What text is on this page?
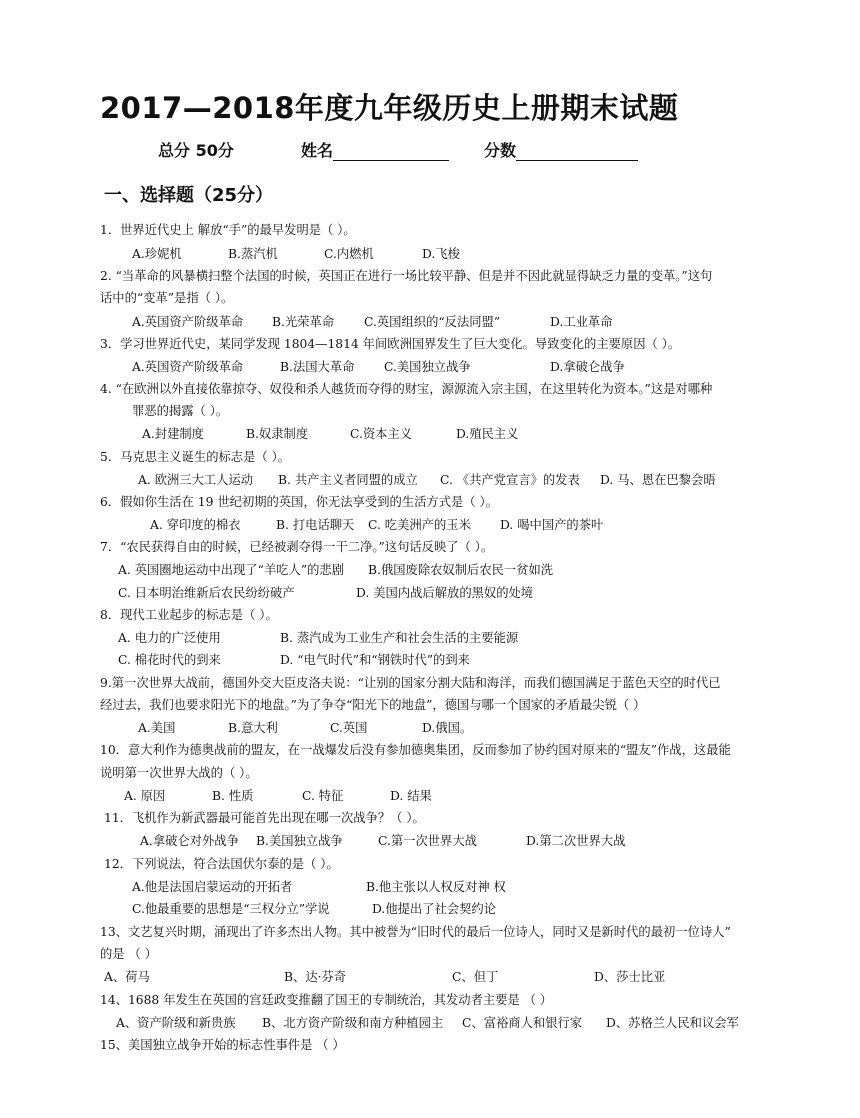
2017—2018年度九年级历史上册期末试题
总分 50分	姓名	分数
一、选择题（25分）
1．世界近代史上 解放“手”的最早发明是（ ）。
A.珍妮机	B.蒸汽机	C.内燃机	D.飞梭
2. “当革命的风暴横扫整个法国的时候，英国正在进行一场比较平静、但是并不因此就显得缺乏力量的变革。”这句
话中的“变革”是指（ ）。
A.英国资产阶级革命 B.光荣革命 C.英国组织的“反法同盟”	D.工业革命
3．学习世界近代史，某同学发现 1804—1814 年间欧洲国界发生了巨大变化。导致变化的主要原因（ ）。
A.英国资产阶级革命	B.法国大革命 C.美国独立战争	D.拿破仑战争
4. “在欧洲以外直接依靠掠夺、奴役和杀人越货而夺得的财宝，源源流入宗主国，在这里转化为资本。”这是对哪种
罪恶的揭露（ ）。
A.封建制度	B.奴隶制度	C.资本主义	D.殖民主义
5．马克思主义诞生的标志是（ ）。
A. 欧洲三大工人运动 B. 共产主义者同盟的成立 C. 《共产党宣言》的发表 D. 马、恩在巴黎会晤
6．假如你生活在 19 世纪初期的英国，你无法享受到的生活方式是（ ）。
A. 穿印度的棉衣	B. 打电话聊天 C. 吃美洲产的玉米 D. 喝中国产的茶叶
7．“农民获得自由的时候，已经被剥夺得一干二净。”这句话反映了（ ）。
A. 英国圈地运动中出现了“羊吃人”的悲剧 B.俄国废除农奴制后农民一贫如洗
C. 日本明治维新后农民纷纷破产	D. 美国内战后解放的黑奴的处境
8．现代工业起步的标志是（ ）。
A. 电力的广泛使用	B. 蒸汽成为工业生产和社会生活的主要能源
C. 棉花时代的到来	D. “电气时代”和“钢铁时代”的到来
9.第一次世界大战前，德国外交大臣皮洛夫说：“让别的国家分割大陆和海洋，而我们德国满足于蓝色天空的时代已
经过去，我们也要求阳光下的地盘。”为了争夺“阳光下的地盘”，德国与哪一个国家的矛盾最尖锐（ ）
A.美国	B.意大利	C.英国	D.俄国。
10．意大利作为德奥战前的盟友，在一战爆发后没有参加德奥集团，反而参加了协约国对原来的“盟友”作战，这最能
说明第一次世界大战的（ ）。
A. 原因	B. 性质	C. 特征	D. 结果
11．飞机作为新武器最可能首先出现在哪一次战争？（ ）。
A.拿破仑对外战争 B.美国独立战争	C.第一次世界大战	D.第二次世界大战
12．下列说法，符合法国伏尔泰的是（ ）。
A.他是法国启蒙运动的开拓者	B.他主张以人权反对神 权
C.他最重要的思想是“三权分立”学说	D.他提出了社会契约论
13、文艺复兴时期，涌现出了许多杰出人物。其中被誉为“旧时代的最后一位诗人，同时又是新时代的最初一位诗人”
的是 （ ）
A、荷马	B、达·芬奇	C、但丁	D、莎士比亚
14、1688 年发生在英国的宫廷政变推翻了国王的专制统治，其发动者主要是 （ ）
A、资产阶级和新贵族 B、北方资产阶级和南方种植园主 C、富裕商人和银行家 D、苏格兰人民和议会军
15、美国独立战争开始的标志性事件是 （ ）
